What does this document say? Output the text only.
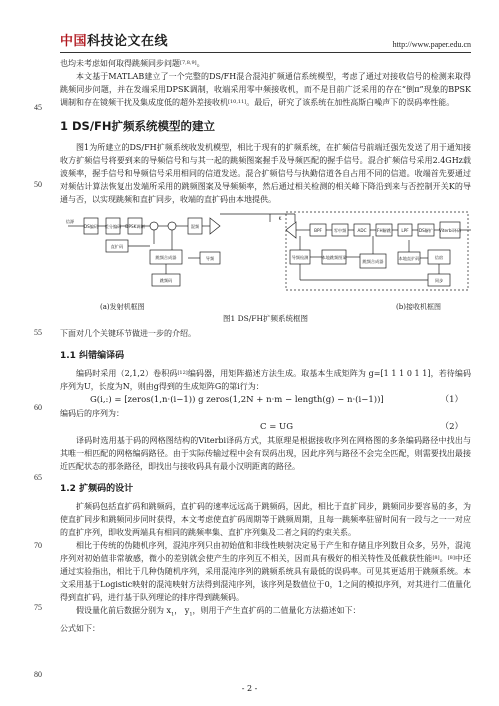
中国科技论文在线	http://www.paper.edu.cn
45
50
55
60
65
70
75
80

也均未考虑如何取得跳频同步问题[7,8,9]。

本文基于MATLAB建立了一个完整的DS/FH混合混沌扩频通信系统模型，考虑了通过对接收信号的检测来取得跳频同步问题，并在发端采用DPSK调制，收端采用零中频接收机，而不是目前广泛采用的存在“倒π”现象的BPSK调制和存在镜频干扰及集成度低的超外差接收机[10,11]。最后，研究了该系统在加性高斯白噪声下的误码率性能。

1 DS/FH扩频系统模型的建立

图1为所建立的DS/FH扩频系统收发机模型，相比于现有的扩频系统，在扩频信号前端迁强先发送了用于通知接收方扩频信号将要到来的导频信号和与其一起的跳频图案握手及导频匹配的握手信号。混合扩频信号采用2.4GHz载波频率，握手信号和导频信号采用相同的信道发送。混合扩频信号与执勤信道各自占用不同的信道。收端首先要通过对频估计算法恢复出发端所采用的跳频图案及导频频率，然后通过相关检测的相关峰下降沿到来与否控制开关K的导通与否，以实现跳频和直扩同步，收端的直扩码由本地提供。

信源
DS编码 差分编码 DPSK调制
直扩码
跳频合成器
跳频码
混频
导频
BPF	零中频	ADC	FH解跳 LPF DS解扩 Viterbi译码
本地跳频图案
导频检测
跳频合成器
本地直扩码
同步
信宿
K
(a)发射机框图	(b)接收机框图
图1 DS/FH扩频系统框图

下面对几个关键环节做进一步的介绍。

1.1 纠错编译码

编码时采用（2,1,2）卷积码[12]编码器，用矩阵描述方法生成。取基本生成矩阵为 g=[1 1 1 0 1 1]，若待编码序列为U，长度为N，则由g得到的生成矩阵G的第i行为：

G(i,:) = [zeros(1,n·(i−1)) g zeros(1,2N + n·m − length(g) − n·(i−1))]	（1）

编码后的序列为：

C = UG	（2）

译码时选用基于码的网格图结构的Viterbi译码方式，其原理是根据接收序列在网格图的多条编码路径中找出与其唯一相匹配的网格编码路径。由于实际传输过程中会有误码出现，因此序列与路径不会完全匹配，则需要找出最接近匹配状态的那条路径，即找出与接收码具有最小汉明距离的路径。

1.2 扩频码的设计

扩频码包括直扩码和跳频码，直扩码的速率远远高于跳频码，因此，相比于直扩同步，跳频同步要容易的多，为使直扩同步和跳频同步同时获得，本文考虑使直扩码周期等于跳频周期，且每一跳频率驻留时间有一段与之一一对应的直扩序列，即收发两端具有相同的跳频率集、直扩序列集及二者之间的约束关系。

相比于传统的伪随机序列，混沌序列只由初始值和非线性映射决定易于产生和存储且序列数目众多，另外，混沌序列对初始值非常敏感，微小的差别就会使产生的序列互不相关，因而具有极好的相关特性及低截获性能[8]。[8]中还通过实验指出，相比于几种伪随机序列，采用混沌序列的跳频系统具有最低的误码率。可见其更适用于跳频系统。本文采用基于Logistic映射的混沌映射方法得到混沌序列，该序列是数值位于0，1之间的模拟序列，对其进行二值量化得到直扩码，进行基于队列理论的排序得到跳频码。

假设量化前后数据分别为 $x_1$， $y_1$，则用于产生直扩码的二值量化方法描述如下：

公式如下：

- 2 -
